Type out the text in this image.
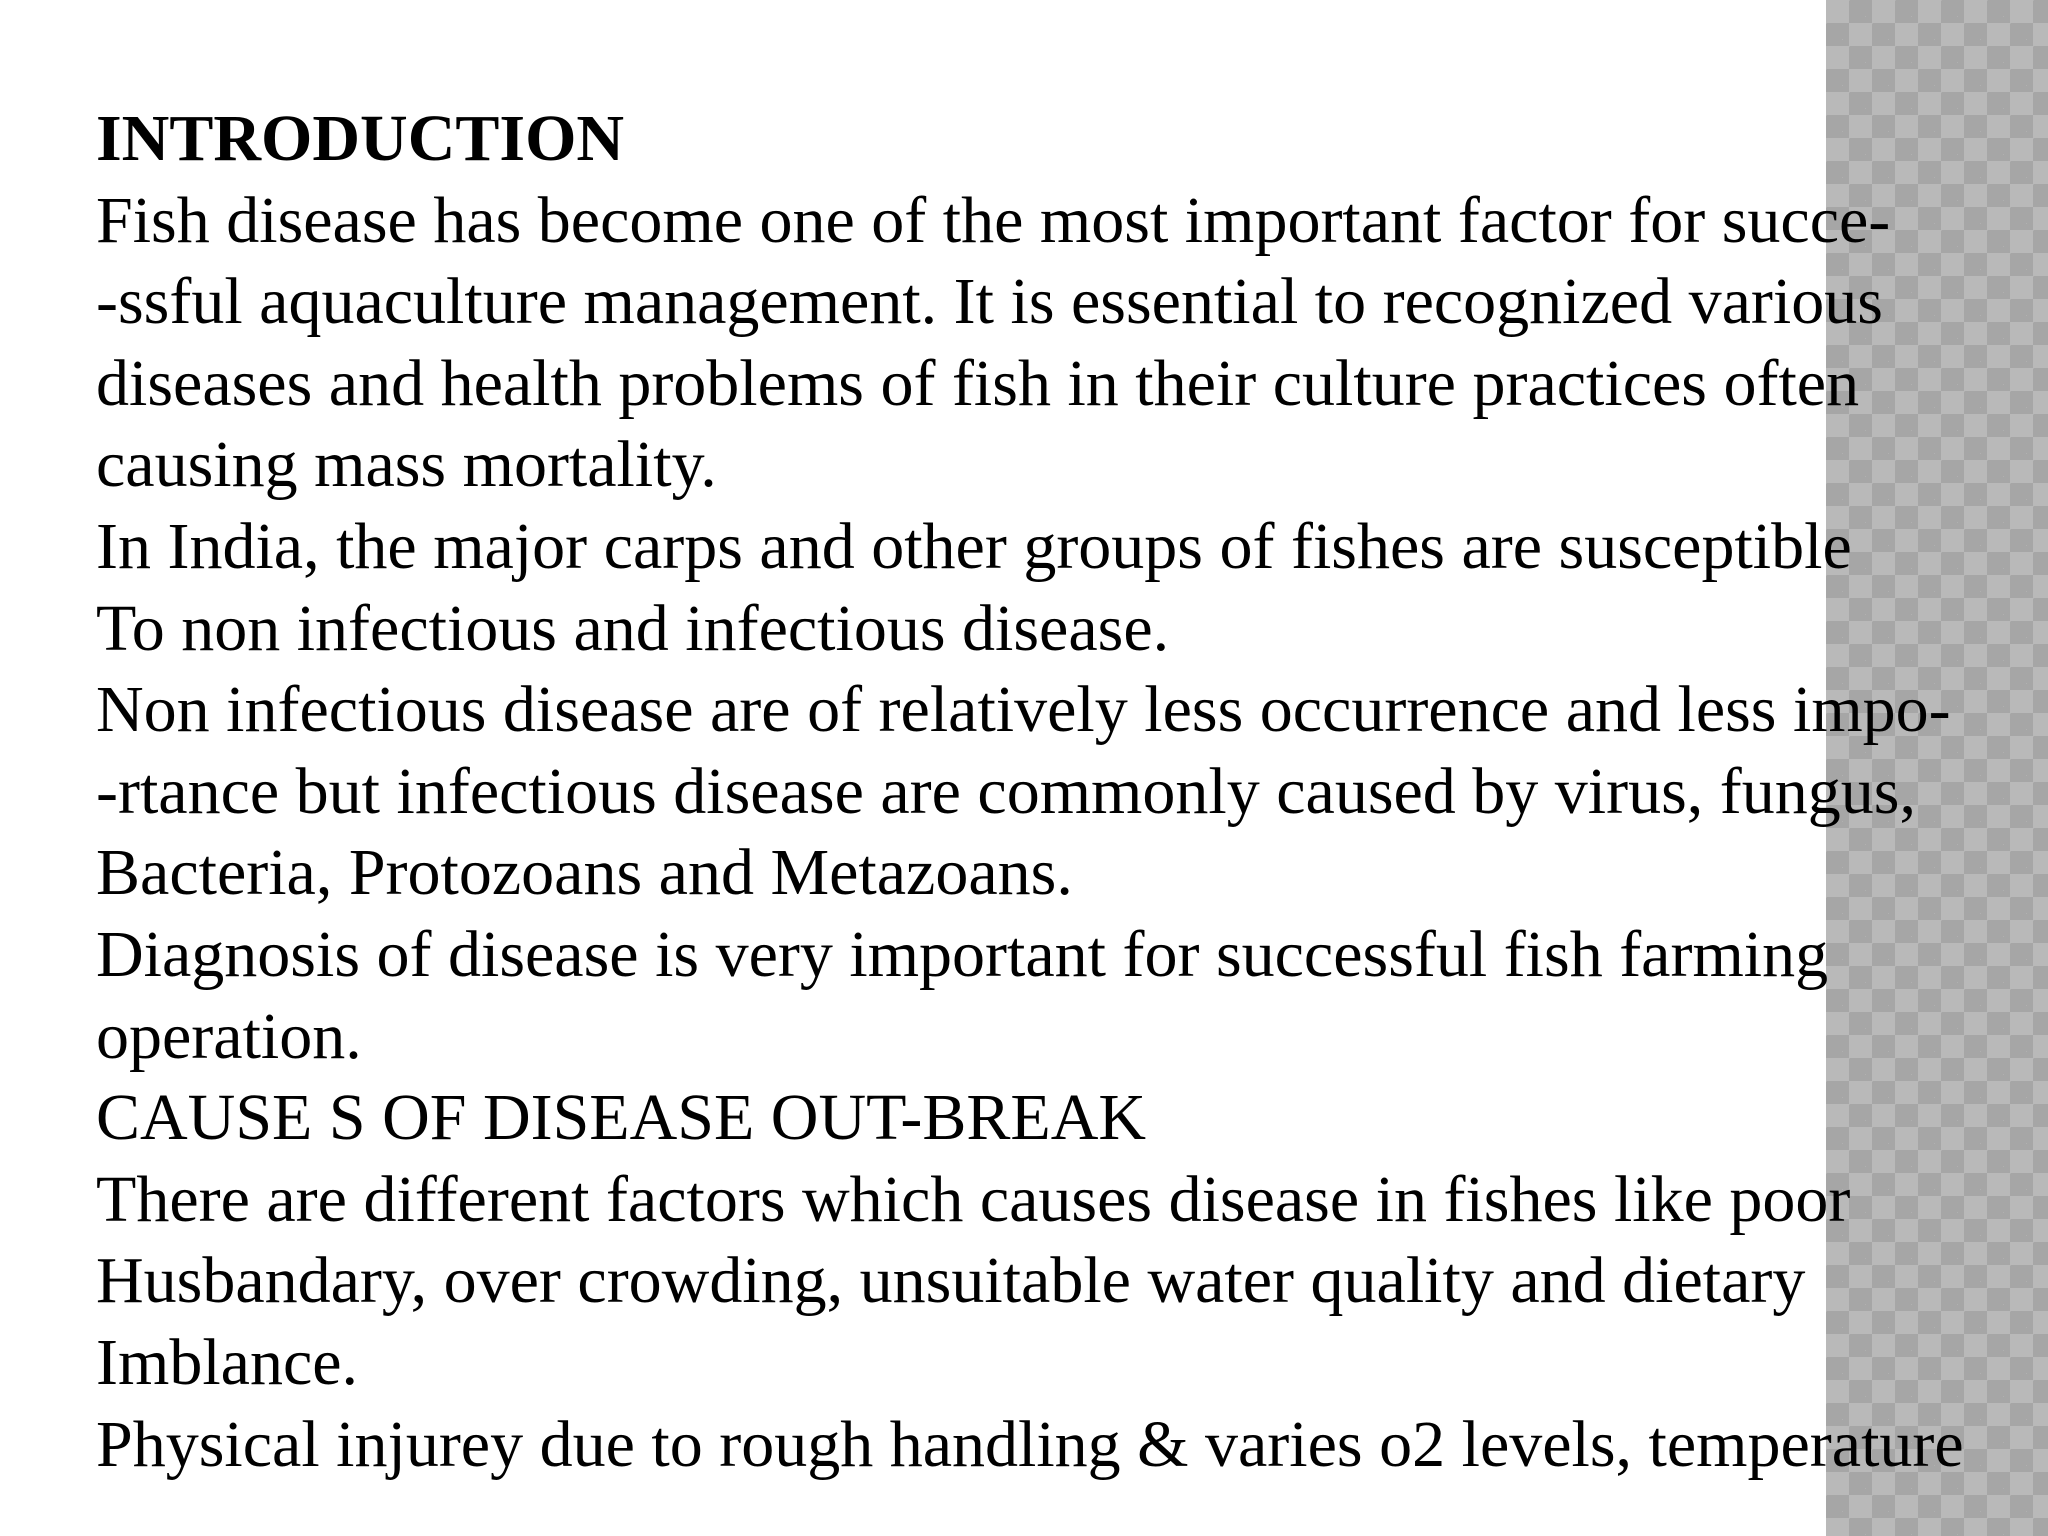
INTRODUCTION
Fish disease has become one of the most important factor for succe-
-ssful aquaculture management. It is essential to recognized various
diseases and health problems of fish in their culture practices often
causing mass mortality.
In India, the major carps and other groups of fishes are susceptible
To non infectious and infectious disease.
Non infectious disease are of relatively less occurrence and less impo-
-rtance but infectious disease are commonly caused by virus, fungus,
Bacteria, Protozoans and Metazoans.
Diagnosis of disease is very important for successful fish farming
operation.
CAUSE S OF DISEASE OUT-BREAK
There are different factors which causes disease in fishes like poor
Husbandary, over crowding, unsuitable water quality and dietary
Imblance.
Physical injurey due to rough handling & varies o2 levels, temperature
